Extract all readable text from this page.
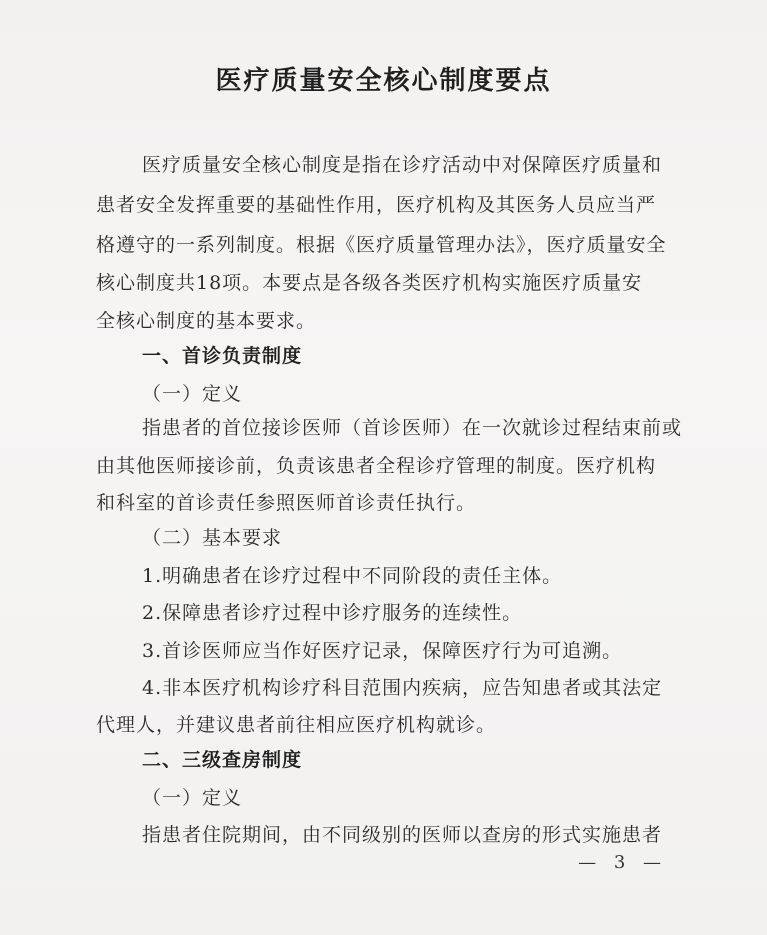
医疗质量安全核心制度要点
医疗质量安全核心制度是指在诊疗活动中对保障医疗质量和
患者安全发挥重要的基础性作用，医疗机构及其医务人员应当严
格遵守的一系列制度。根据《医疗质量管理办法》，医疗质量安全
核心制度共18项。本要点是各级各类医疗机构实施医疗质量安
全核心制度的基本要求。
一、首诊负责制度
（一）定义
指患者的首位接诊医师（首诊医师）在一次就诊过程结束前或
由其他医师接诊前，负责该患者全程诊疗管理的制度。医疗机构
和科室的首诊责任参照医师首诊责任执行。
（二）基本要求
1.明确患者在诊疗过程中不同阶段的责任主体。
2.保障患者诊疗过程中诊疗服务的连续性。
3.首诊医师应当作好医疗记录，保障医疗行为可追溯。
4.非本医疗机构诊疗科目范围内疾病，应告知患者或其法定
代理人，并建议患者前往相应医疗机构就诊。
二、三级查房制度
（一）定义
指患者住院期间，由不同级别的医师以查房的形式实施患者
— 3 —
